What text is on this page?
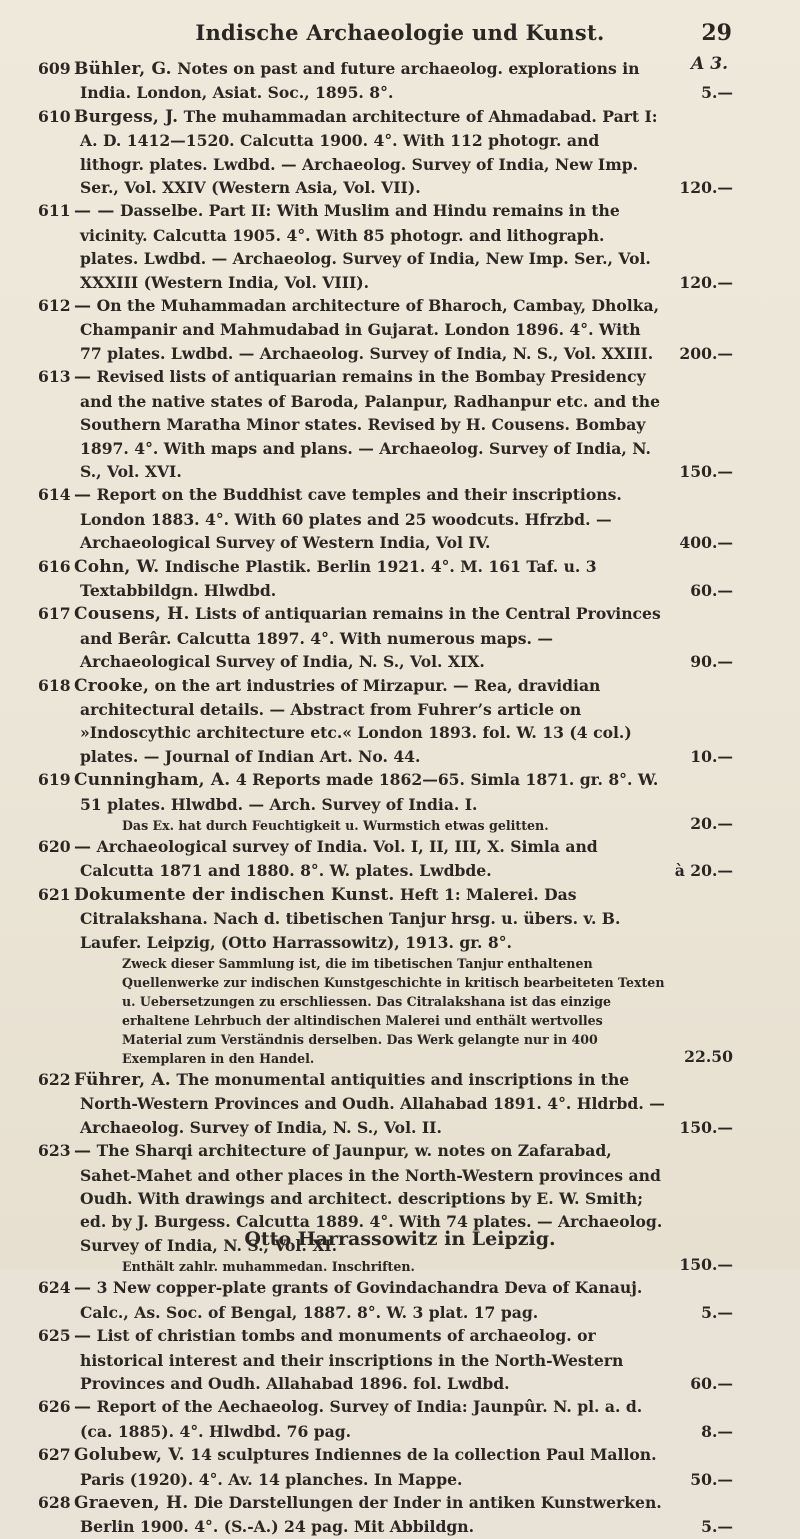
Indische Archaeologie und Kunst.	29
A 3.
609 Bühler, G. Notes on past and future archaeolog. explorations in India. London, Asiat. Soc., 1895. 8°.	5.—
610 Burgess, J. The muhammadan architecture of Ahmadabad. Part I: A. D. 1412—1520. Calcutta 1900. 4°. With 112 photogr. and lithogr. plates. Lwdbd. — Archaeolog. Survey of India, New Imp. Ser., Vol. XXIV (Western Asia, Vol. VII).	120.—
611 — — Dasselbe. Part II: With Muslim and Hindu remains in the vicinity. Calcutta 1905. 4°. With 85 photogr. and lithograph. plates. Lwdbd. — Archaeolog. Survey of India, New Imp. Ser., Vol. XXXIII (Western India, Vol. VIII).	120.—
612 — On the Muhammadan architecture of Bharoch, Cambay, Dholka, Champanir and Mahmudabad in Gujarat. London 1896. 4°. With 77 plates. Lwdbd. — Archaeolog. Survey of India, N. S., Vol. XXIII. 200.—
613 — Revised lists of antiquarian remains in the Bombay Presidency and the native states of Baroda, Palanpur, Radhanpur etc. and the Southern Maratha Minor states. Revised by H. Cousens. Bombay 1897. 4°. With maps and plans. — Archaeolog. Survey of India, N. S., Vol. XVI.	150.—
614 — Report on the Buddhist cave temples and their inscriptions. London 1883. 4°. With 60 plates and 25 woodcuts. Hfrzbd. — Archaeological Survey of Western India, Vol IV.	400.—
616 Cohn, W. Indische Plastik. Berlin 1921. 4°. M. 161 Taf. u. 3 Textabbildgn. Hlwdbd.	60.—
617 Cousens, H. Lists of antiquarian remains in the Central Provinces and Berâr. Calcutta 1897. 4°. With numerous maps. — Archaeological Survey of India, N. S., Vol. XIX.	90.—
618 Crooke, on the art industries of Mirzapur. — Rea, dravidian architectural details. — Abstract from Fuhrer’s article on »Indoscythic architecture etc.« London 1893. fol. W. 13 (4 col.) plates. — Journal of Indian Art. No. 44.	10.—
619 Cunningham, A. 4 Reports made 1862—65. Simla 1871. gr. 8°. W. 51 plates. Hlwdbd. — Arch. Survey of India. I.
Das Ex. hat durch Feuchtigkeit u. Wurmstich etwas gelitten.	20.—
620 — Archaeological survey of India. Vol. I, II, III, X. Simla and Calcutta 1871 and 1880. 8°. W. plates. Lwdbde.	à 20.—
621 Dokumente der indischen Kunst. Heft 1: Malerei. Das Citralakshana. Nach d. tibetischen Tanjur hrsg. u. übers. v. B. Laufer. Leipzig, (Otto Harrassowitz), 1913. gr. 8°.
Zweck dieser Sammlung ist, die im tibetischen Tanjur enthaltenen Quellenwerke zur indischen Kunstgeschichte in kritisch bearbeiteten Texten u. Uebersetzungen zu erschliessen. Das Citralakshana ist das einzige erhaltene Lehrbuch der altindischen Malerei und enthält wertvolles Material zum Verständnis derselben. Das Werk gelangte nur in 400 Exemplaren in den Handel.	22.50
622 Führer, A. The monumental antiquities and inscriptions in the North-Western Provinces and Oudh. Allahabad 1891. 4°. Hldrbd. — Archaeolog. Survey of India, N. S., Vol. II.	150.—
623 — The Sharqi architecture of Jaunpur, w. notes on Zafarabad, Sahet-Mahet and other places in the North-Western provinces and Oudh. With drawings and architect. descriptions by E. W. Smith; ed. by J. Burgess. Calcutta 1889. 4°. With 74 plates. — Archaeolog. Survey of India, N. S., Vol. XI.
Enthält zahlr. muhammedan. Inschriften.	150.—
624 — 3 New copper-plate grants of Govindachandra Deva of Kanauj. Calc., As. Soc. of Bengal, 1887. 8°. W. 3 plat. 17 pag.	5.—
625 — List of christian tombs and monuments of archaeolog. or historical interest and their inscriptions in the North-Western Provinces and Oudh. Allahabad 1896. fol. Lwdbd.	60.—
626 — Report of the Aechaeolog. Survey of India: Jaunpûr. N. pl. a. d. (ca. 1885). 4°. Hlwdbd. 76 pag.	8.—
627 Golubew, V. 14 sculptures Indiennes de la collection Paul Mallon. Paris (1920). 4°. Av. 14 planches. In Mappe.	50.—
628 Graeven, H. Die Darstellungen der Inder in antiken Kunstwerken. Berlin 1900. 4°. (S.-A.) 24 pag. Mit Abbildgn.	5.—
Otto Harrassowitz in Leipzig.
